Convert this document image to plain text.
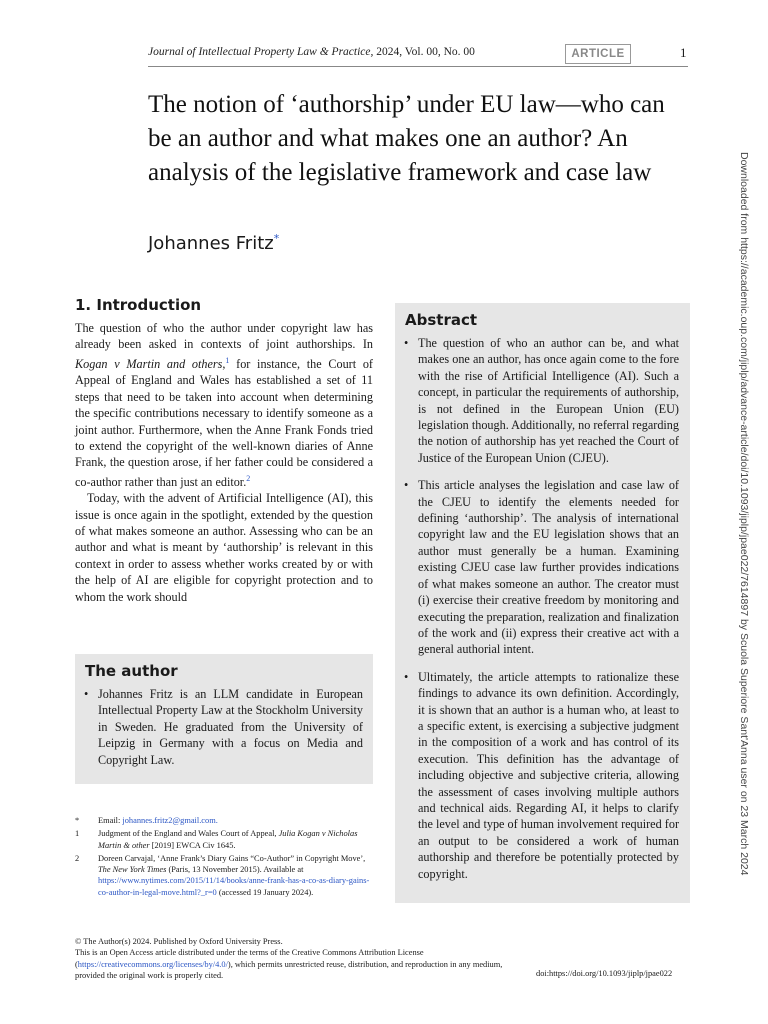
Journal of Intellectual Property Law & Practice, 2024, Vol. 00, No. 00	ARTICLE	1
The notion of ‘authorship’ under EU law—who can be an author and what makes one an author? An analysis of the legislative framework and case law
Johannes Fritz*	Downloaded from https://academic.oup.com/jiplp/advance-article/doi/10.1093/jiplp/jpae022/7614897 by Scuola Superiore Sant'Anna user on 23 March 2024
1. Introduction

The question of who the author under copyright law has already been asked in contexts of joint authorships. In Kogan v Martin and others,$^1$ for instance, the Court of Appeal of England and Wales has established a set of 11 steps that need to be taken into account when determining the specific contributions necessary to identify someone as a joint author. Furthermore, when the Anne Frank Fonds tried to extend the copyright of the well-known diaries of Anne Frank, the question arose, if her father could be considered a co-author rather than just an editor.$^2$

Today, with the advent of Artificial Intelligence (AI), this issue is once again in the spotlight, extended by the question of what makes someone an author. Assessing who can be an author and what is meant by ‘authorship’ is relevant in this context in order to assess whether works created by or with the help of AI are eligible for copyright protection and to whom the work should

Abstract
• The question of who an author can be, and what makes one an author, has once again come to the fore with the rise of Artificial Intelligence (AI). Such a concept, in particular the requirements of authorship, is not defined in the European Union (EU) legislation though. Additionally, no referral regarding the notion of authorship has yet reached the Court of Justice of the European Union (CJEU).
• This article analyses the legislation and case law of the CJEU to identify the elements needed for defining ‘authorship’. The analysis of international copyright law and the EU legislation shows that an author must generally be a human. Examining existing CJEU case law further provides indications of what makes someone an author. The creator must (i) exercise their creative freedom by monitoring and executing the preparation, realization and finalization of the work and (ii) express their creative act with a general authorial intent.
• Ultimately, the article attempts to rationalize these findings to advance its own definition. Accordingly, it is shown that an author is a human who, at least to a specific extent, is exercising a subjective judgment in the composition of a work and has control of its execution. This definition has the advantage of including objective and subjective criteria, allowing the assessment of cases involving multiple authors and technical aids. Regarding AI, it helps to clarify the level and type of human involvement required for an output to be considered a work of human authorship and therefore be potentially protected by copyright.
The author
• Johannes Fritz is an LLM candidate in European Intellectual Property Law at the Stockholm University in Sweden. He graduated from the University of Leipzig in Germany with a focus on Media and Copyright Law.
* Email: johannes.fritz2@gmail.com.
1 Judgment of the England and Wales Court of Appeal, Julia Kogan v Nicholas Martin & other [2019] EWCA Civ 1645.
2 Doreen Carvajal, ‘Anne Frank’s Diary Gains “Co-Author” in Copyright Move’, The New York Times (Paris, 13 November 2015). Available at https://www.nytimes.com/2015/11/14/books/anne-frank-has-a-co-as-diary-gains-co-author-in-legal-move.html?_r=0 (accessed 19 January 2024).
© The Author(s) 2024. Published by Oxford University Press.
This is an Open Access article distributed under the terms of the Creative Commons Attribution License (https://creativecommons.org/licenses/by/4.0/), which permits unrestricted reuse, distribution, and reproduction in any medium, provided the original work is properly cited.	doi:https://doi.org/10.1093/jiplp/jpae022
